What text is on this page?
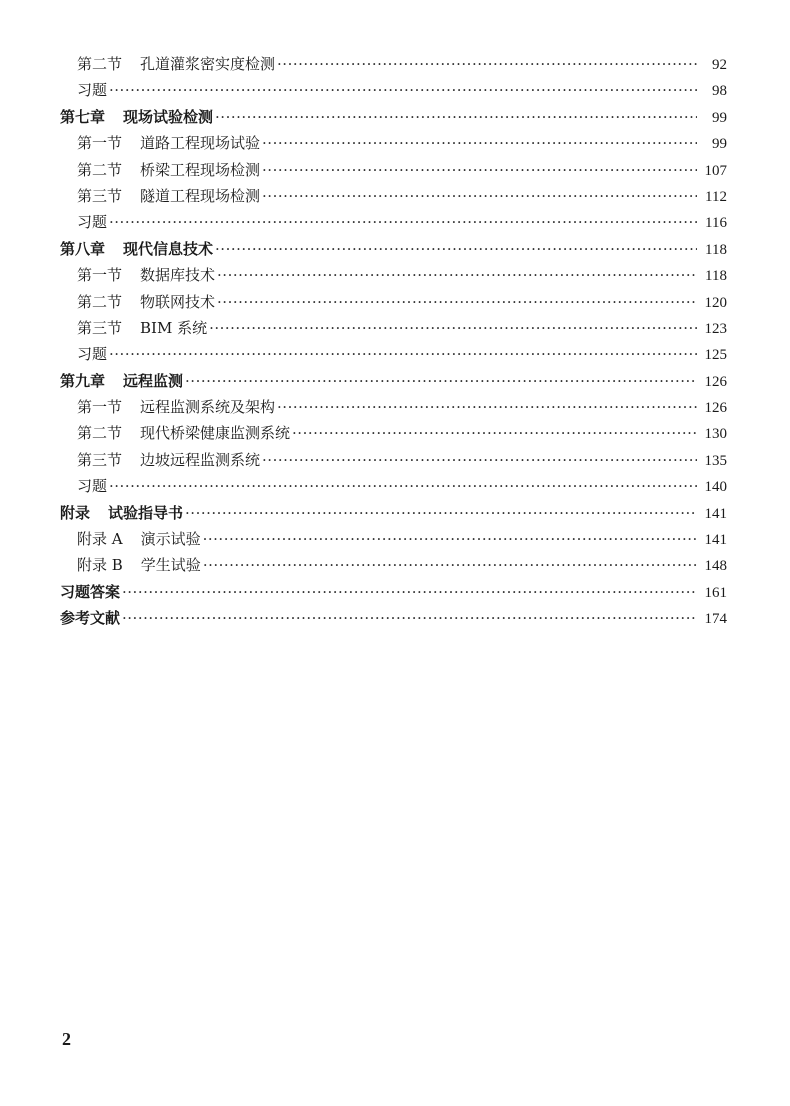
第二节 孔道灌浆密实度检测 ·····	92
习题 ·····	98
第七章 现场试验检测 ·····	99
第一节 道路工程现场试验 ·····	99
第二节 桥梁工程现场检测 ·····	107
第三节 隧道工程现场检测 ·····	112
习题 ·····	116
第八章 现代信息技术 ·····	118
第一节 数据库技术 ·····	118
第二节 物联网技术 ·····	120
第三节 BIM 系统 ·····	123
习题 ·····	125
第九章 远程监测 ·····	126
第一节 远程监测系统及架构 ·····	126
第二节 现代桥梁健康监测系统 ·····	130
第三节 边坡远程监测系统 ·····	135
习题 ·····	140
附录 试验指导书 ·····	141
附录 A 演示试验 ·····	141
附录 B 学生试验 ·····	148
习题答案 ·····	161
参考文献 ·····	174
2
